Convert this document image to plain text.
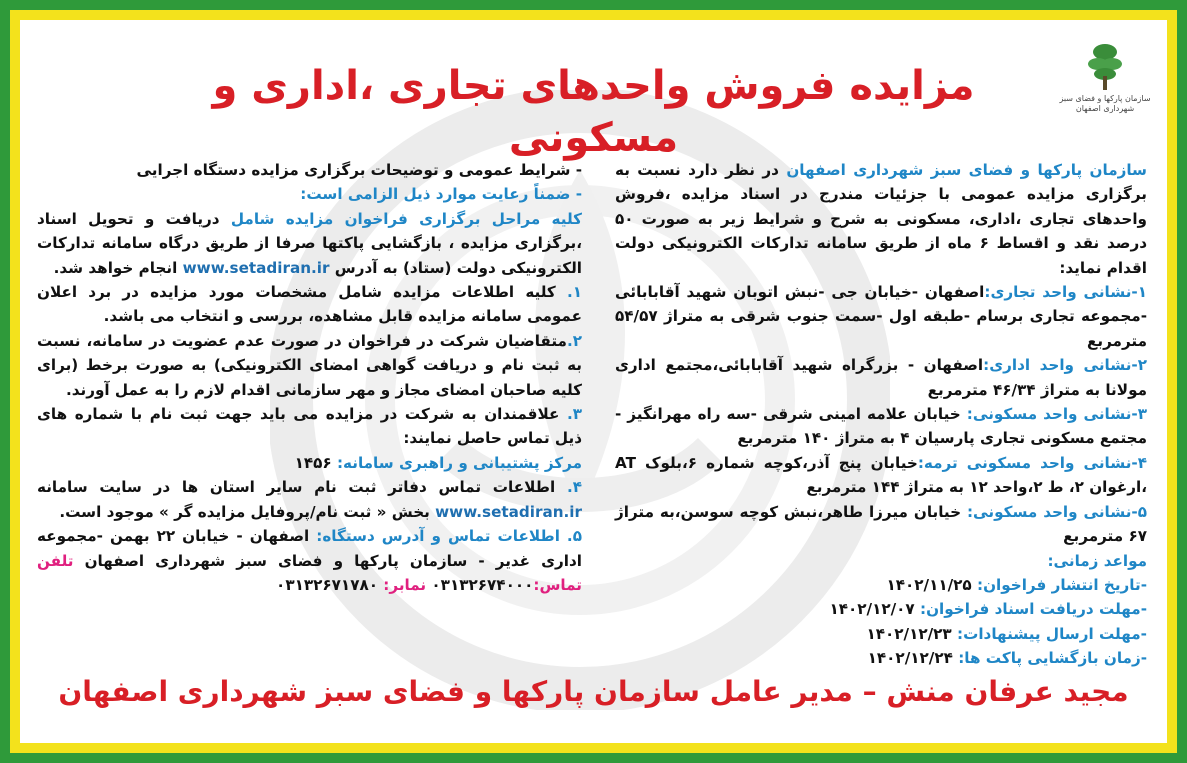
سازمان پارکها و فضای سبز
شهرداری اصفهان
مزایده فروش واحدهای تجاری ،اداری و مسکونی

سازمان پارکها و فضای سبز شهرداری اصفهان در نظر دارد نسبت به برگزاری مزایده عمومی با جزئیات مندرج در اسناد مزایده ،فروش واحدهای تجاری ،اداری، مسکونی به شرح و شرایط زیر به صورت ۵۰ درصد نقد و اقساط ۶ ماه از طریق سامانه تدارکات الکترونیکی دولت اقدام نماید:

۱-نشانی واحد تجاری:اصفهان -خیابان جی -نبش اتوبان شهید آقابابائی -مجموعه تجاری برسام -طبقه اول -سمت جنوب شرقی به متراژ ۵۴/۵۷ مترمربع

۲-نشانی واحد اداری:اصفهان - بزرگراه شهید آقابابائی،مجتمع اداری مولانا به متراژ ۴۶/۳۴ مترمربع

۳-نشانی واحد مسکونی: خیابان علامه امینی شرقی -سه راه مهرانگیز - مجتمع مسکونی تجاری پارسیان ۴ به متراژ ۱۴۰ مترمربع

۴-نشانی واحد مسکونی ترمه:خیابان پنج آذر،کوچه شماره ۶،بلوک AT ،ارغوان ۲، ط ۲،واحد ۱۲ به متراژ ۱۴۴ مترمربع

۵-نشانی واحد مسکونی: خیابان میرزا طاهر،نبش کوچه سوسن،به متراژ ۶۷ مترمربع

مواعد زمانی:

-تاریخ انتشار فراخوان: ۱۴۰۲/۱۱/۲۵

-مهلت دریافت اسناد فراخوان: ۱۴۰۲/۱۲/۰۷

-مهلت ارسال پیشنهادات: ۱۴۰۲/۱۲/۲۳

-زمان بازگشایی پاکت ها: ۱۴۰۲/۱۲/۲۴

- شرایط عمومی و توضیحات برگزاری مزایده دستگاه اجرایی

- ضمناً رعایت موارد ذیل الزامی است:

کلیه مراحل برگزاری فراخوان مزایده شامل دریافت و تحویل اسناد ،برگزاری مزایده ، بازگشایی پاکتها صرفا از طریق درگاه سامانه تدارکات الکترونیکی دولت (ستاد) به آدرس www.setadiran.ir انجام خواهد شد.

۱. کلیه اطلاعات مزایده شامل مشخصات مورد مزایده در برد اعلان عمومی سامانه مزایده قابل مشاهده، بررسی و انتخاب می باشد.

۲.متقاضیان شرکت در فراخوان در صورت عدم عضویت در سامانه، نسبت به ثبت نام و دریافت گواهی امضای الکترونیکی) به صورت برخط (برای کلیه صاحبان امضای مجاز و مهر سازمانی اقدام لازم را به عمل آورند.

۳. علاقمندان به شرکت در مزایده می باید جهت ثبت نام با شماره های ذیل تماس حاصل نمایند:

مرکز پشتیبانی و راهبری سامانه: ۱۴۵۶

۴. اطلاعات تماس دفاتر ثبت نام سایر استان ها در سایت سامانه www.setadiran.ir بخش « ثبت نام/پروفایل مزایده گر » موجود است.

۵. اطلاعات تماس و آدرس دستگاه: اصفهان - خیابان ۲۲ بهمن -مجموعه اداری غدیر - سازمان پارکها و فضای سبز شهرداری اصفهان تلفن تماس:۰۳۱۳۲۶۷۴۰۰۰ نمابر: ۰۳۱۳۲۶۷۱۷۸۰

مجید عرفان منش – مدیر عامل سازمان پارکها و فضای سبز شهرداری اصفهان
